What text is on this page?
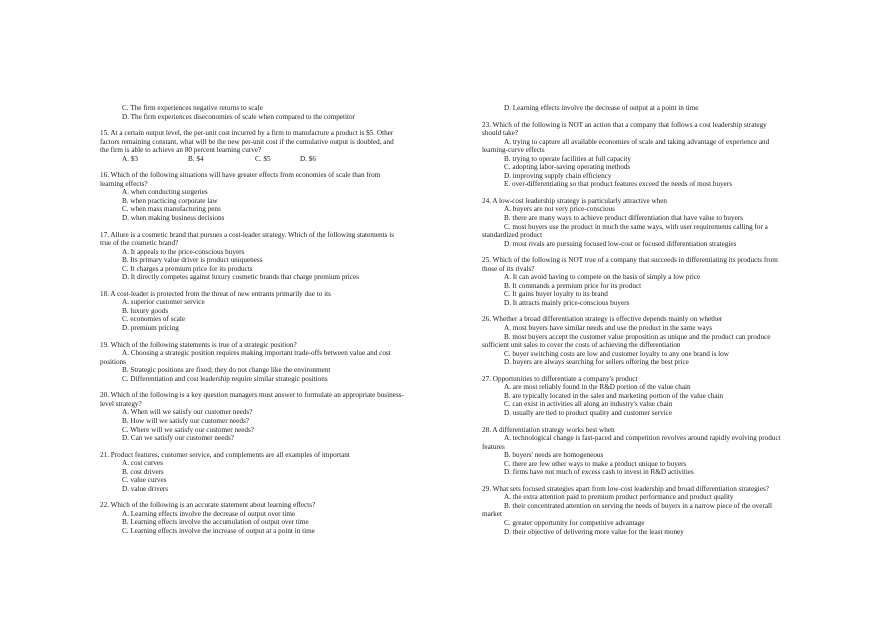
C. The firm experiences negative returns to scale
D. The firm experiences diseconomies of scale when compared to the competitor
15. At a certain output level, the per-unit cost incurred by a firm to manufacture a product is $5. Other factors remaining constant, what will be the new per-unit cost if the cumulative output is doubled, and the firm is able to achieve an 80 percent learning curve?
A. $3	B. $4	C. $5	D. $6
16. Which of the following situations will have greater effects from economies of scale than from learning effects?
A. when conducting surgeries
B. when practicing corporate law
C. when mass manufacturing pens
D. when making business decisions
17. Allure is a cosmetic brand that pursues a cost-leader strategy. Which of the following statements is true of the cosmetic brand?
A. It appeals to the price-conscious buyers
B. Its primary value driver is product uniqueness
C. It charges a premium price for its products
D. It directly competes against luxury cosmetic brands that charge premium prices
18. A cost-leader is protected from the threat of new entrants primarily due to its
A. superior customer service
B. luxury goods
C. economies of scale
D. premium pricing
19. Which of the following statements is true of a strategic position?
A. Choosing a strategic position requires making important trade-offs between value and cost positions
B. Strategic positions are fixed; they do not change like the environment
C. Differentiation and cost leadership require similar strategic positions
20. Which of the following is a key question managers must answer to formulate an appropriate business-level strategy?
A. When will we satisfy our customer needs?
B. How will we satisfy our customer needs?
C. Where will we satisfy our customer needs?
D. Can we satisfy our customer needs?
21. Product features, customer service, and complements are all examples of important
A. cost curves
B. cost drivers
C. value curves
D. value drivers
22. Which of the following is an accurate statement about learning effects?
A. Learning effects involve the decrease of output over time
B. Learning effects involve the accumulation of output over time
C. Learning effects involve the increase of output at a point in time
D. Learning effects involve the decrease of output at a point in time
23. Which of the following is NOT an action that a company that follows a cost leadership strategy should take?
A. trying to capture all available economies of scale and taking advantage of experience and learning-curve effects
B. trying to operate facilities at full capacity
C. adopting labor-saving operating methods
D. improving supply chain efficiency
E. over-differentiating so that product features exceed the needs of most buyers
24. A low-cost leadership strategy is particularly attractive when
A. buyers are not very price-conscious
B. there are many ways to achieve product differentiation that have value to buyers
C. most buyers use the product in much the same ways, with user requirements calling for a standardized product
D. most rivals are pursuing focused low-cost or focused differentiation strategies
25. Which of the following is NOT true of a company that succeeds in differentiating its products from those of its rivals?
A. It can avoid having to compete on the basis of simply a low price
B. It commands a premium price for its product
C. It gains buyer loyalty to its brand
D. It attracts mainly price-conscious buyers
26. Whether a broad differentiation strategy is effective depends mainly on whether
A. most buyers have similar needs and use the product in the same ways
B. most buyers accept the customer value proposition as unique and the product can produce sufficient unit sales to cover the costs of achieving the differentiation
C. buyer switching costs are low and customer loyalty to any one brand is low
D. buyers are always searching for sellers offering the best price
27. Opportunities to differentiate a company's product
A. are most reliably found in the R&D portion of the value chain
B. are typically located in the sales and marketing portion of the value chain
C. can exist in activities all along an industry's value chain
D. usually are tied to product quality and customer service
28. A differentiation strategy works best when
A. technological change is fast-paced and competition revolves around rapidly evolving product features
B. buyers' needs are homogeneous
C. there are few other ways to make a product unique to buyers
D. firms have not much of excess cash to invest in R&D activities
29. What sets focused strategies apart from low-cost leadership and broad differentiation strategies?
A. the extra attention paid to premium product performance and product quality
B. their concentrated attention on serving the needs of buyers in a narrow piece of the overall market
C. greater opportunity for competitive advantage
D. their objective of delivering more value for the least money
